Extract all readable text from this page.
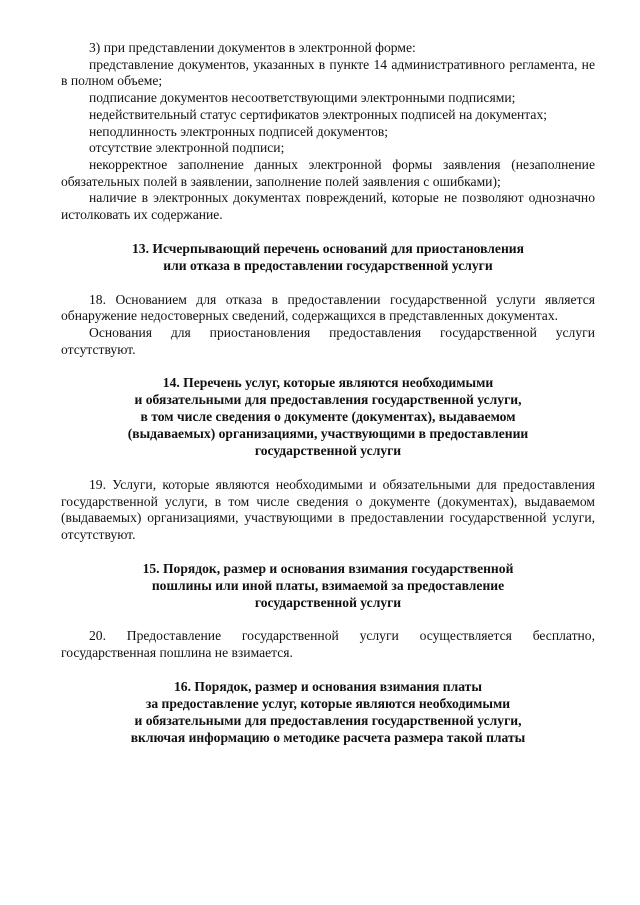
3) при представлении документов в электронной форме:

представление документов, указанных в пункте 14 административного регламента, не в полном объеме;

подписание документов несоответствующими электронными подписями;

недействительный статус сертификатов электронных подписей на документах;

неподлинность электронных подписей документов;

отсутствие электронной подписи;

некорректное заполнение данных электронной формы заявления (незаполнение обязательных полей в заявлении, заполнение полей заявления с ошибками);

наличие в электронных документах повреждений, которые не позволяют однозначно истолковать их содержание.

13. Исчерпывающий перечень оснований для приостановления
или отказа в предоставлении государственной услуги

18. Основанием для отказа в предоставлении государственной услуги является обнаружение недостоверных сведений, содержащихся в представленных документах.

Основания для приостановления предоставления государственной услуги отсутствуют.

14. Перечень услуг, которые являются необходимыми
и обязательными для предоставления государственной услуги,
в том числе сведения о документе (документах), выдаваемом
(выдаваемых) организациями, участвующими в предоставлении
государственной услуги

19. Услуги, которые являются необходимыми и обязательными для предоставления государственной услуги, в том числе сведения о документе (документах), выдаваемом (выдаваемых) организациями, участвующими в предоставлении государственной услуги, отсутствуют.

15. Порядок, размер и основания взимания государственной
пошлины или иной платы, взимаемой за предоставление
государственной услуги

20. Предоставление государственной услуги осуществляется бесплатно, государственная пошлина не взимается.

16. Порядок, размер и основания взимания платы
за предоставление услуг, которые являются необходимыми
и обязательными для предоставления государственной услуги,
включая информацию о методике расчета размера такой платы
